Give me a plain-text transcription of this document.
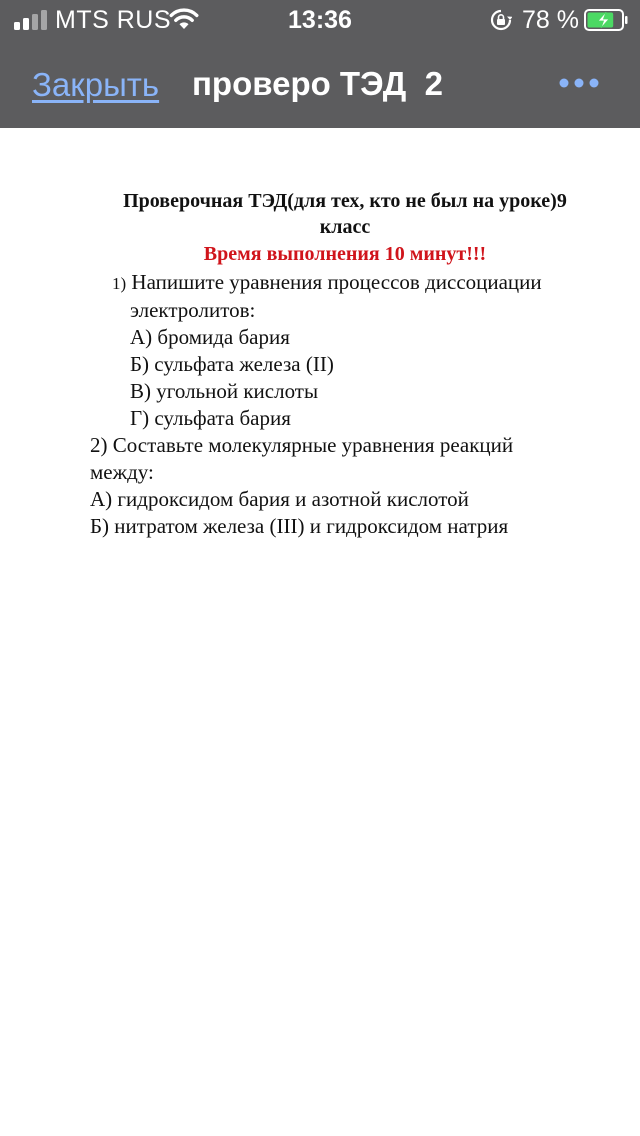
MTS RUS	13:36	78 %
Закрыть проверо ТЭД  2
Проверочная ТЭД(для тех, кто не был на уроке)9
класс
Время выполнения 10 минут!!!
1) Напишите уравнения процессов диссоциации
электролитов:
А) бромида бария
Б) сульфата железа (II)
В) угольной кислоты
Г) сульфата бария
2) Составьте молекулярные уравнения реакций
между:
А) гидроксидом бария и азотной кислотой
Б) нитратом железа (III) и гидроксидом натрия
